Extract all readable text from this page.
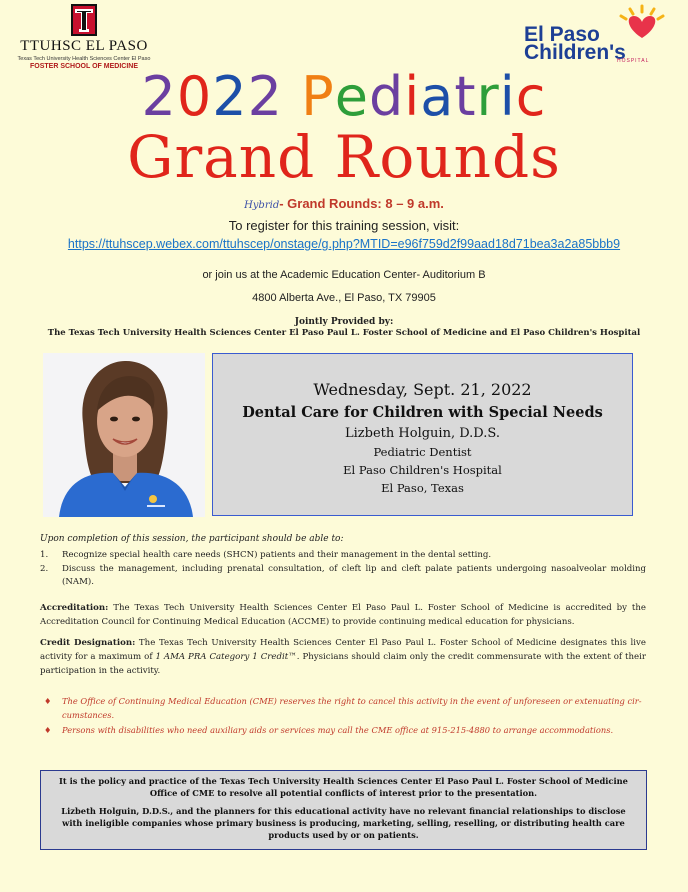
TTUHSC EL PASO
Texas Tech University Health Sciences Center El Paso
FOSTER SCHOOL OF MEDICINE
El Paso
Children's
HOSPITAL
2022 Pediatric
Grand Rounds
Hybrid- Grand Rounds: 8 – 9 a.m.
To register for this training session, visit:
https://ttuhscep.webex.com/ttuhscep/onstage/g.php?MTID=e96f759d2f99aad18d71bea3a2a85bbb9
or join us at the Academic Education Center- Auditorium B
4800 Alberta Ave., El Paso, TX 79905
Jointly Provided by:
The Texas Tech University Health Sciences Center El Paso Paul L. Foster School of Medicine and El Paso Children's Hospital
Wednesday, Sept. 21, 2022
Dental Care for Children with Special Needs
Lizbeth Holguin, D.D.S.
Pediatric Dentist
El Paso Children's Hospital
El Paso, Texas
Upon completion of this session, the participant should be able to:
1. Recognize special health care needs (SHCN) patients and their management in the dental setting.
2. Discuss the management, including prenatal consultation, of cleft lip and cleft palate patients undergoing nasoalveolar molding (NAM).
Accreditation: The Texas Tech University Health Sciences Center El Paso Paul L. Foster School of Medicine is accredited by the Accreditation Council for Continuing Medical Education (ACCME) to provide continuing medical education for physicians.
Credit Designation: The Texas Tech University Health Sciences Center El Paso Paul L. Foster School of Medicine designates this live activity for a maximum of 1 AMA PRA Category 1 Credit™. Physicians should claim only the credit commensurate with the extent of their participation in the activity.
♦ The Office of Continuing Medical Education (CME) reserves the right to cancel this activity in the event of unforeseen or extenuating cir-cumstances.
♦ Persons with disabilities who need auxiliary aids or services may call the CME office at 915-215-4880 to arrange accommodations.

It is the policy and practice of the Texas Tech University Health Sciences Center El Paso Paul L. Foster School of Medicine Office of CME to resolve all potential conflicts of interest prior to the presentation.

Lizbeth Holguin, D.D.S., and the planners for this educational activity have no relevant financial relationships to disclose with ineligible companies whose primary business is producing, marketing, selling, reselling, or distributing health care products used by or on patients.
